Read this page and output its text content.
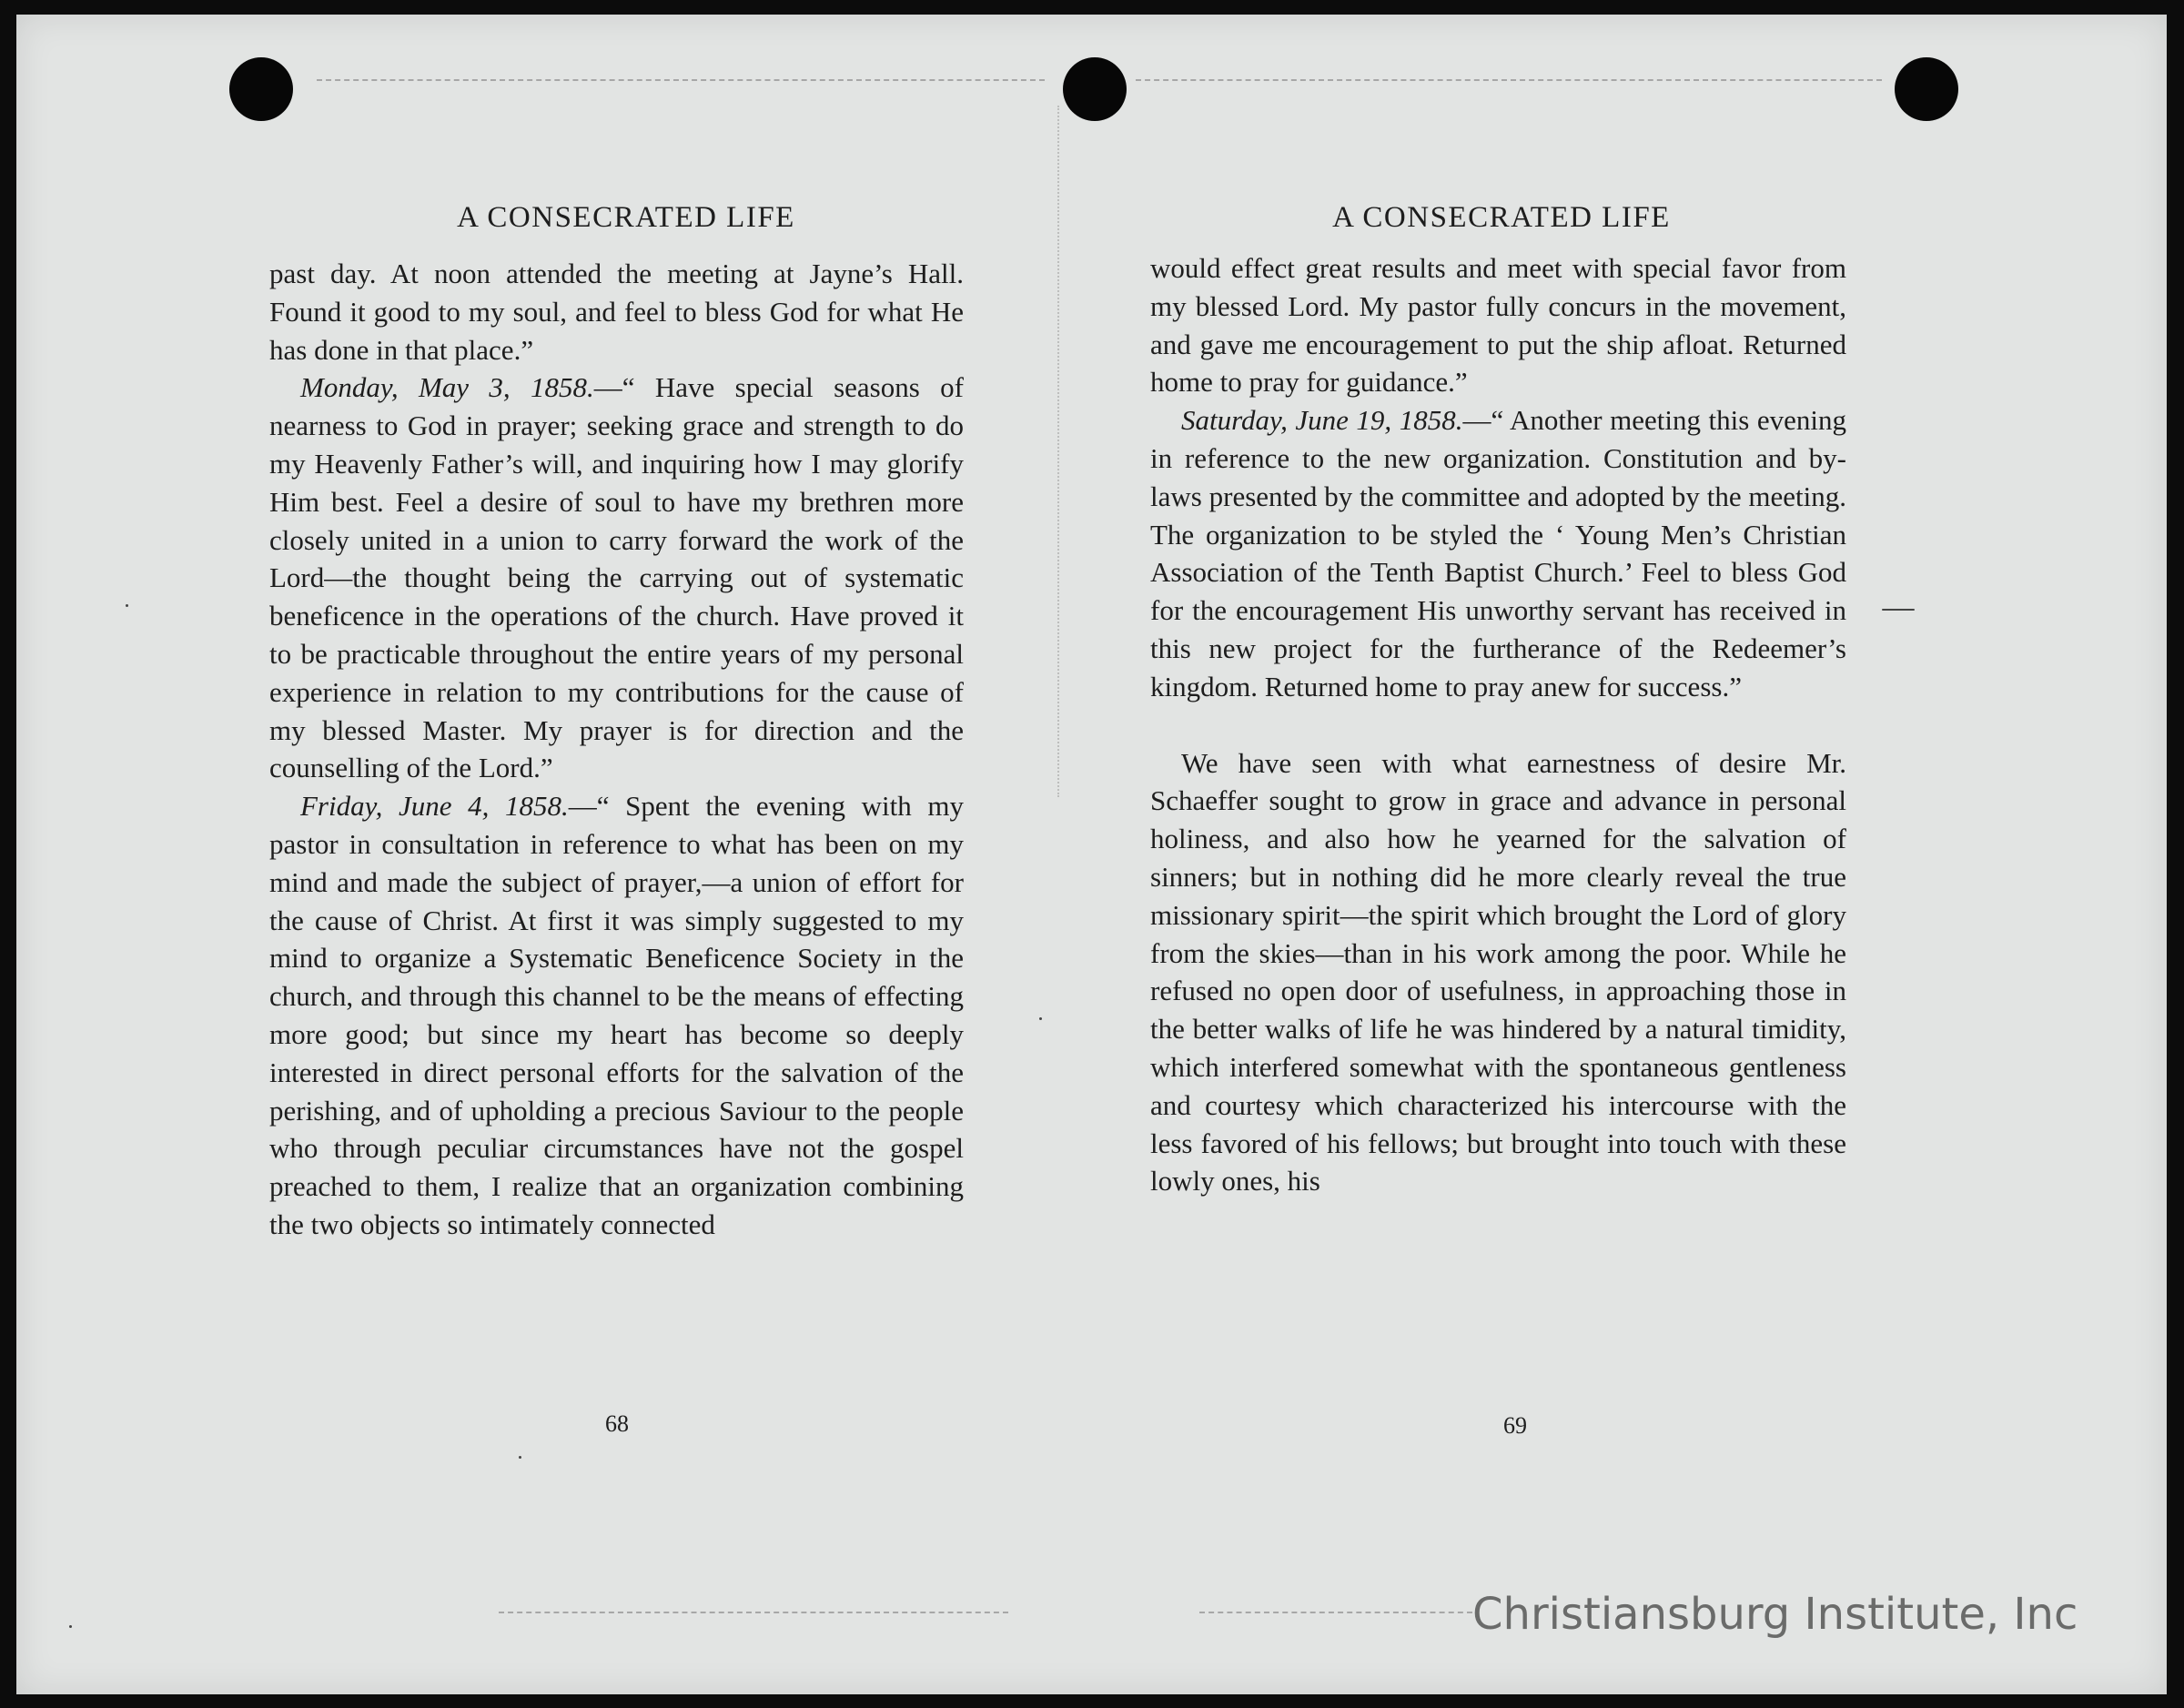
A CONSECRATED LIFE

past day. At noon attended the meeting at Jayne’s Hall. Found it good to my soul, and feel to bless God for what He has done in that place.”

Monday, May 3, 1858.—“ Have special seasons of nearness to God in prayer; seeking grace and strength to do my Heavenly Father’s will, and inquiring how I may glorify Him best. Feel a desire of soul to have my brethren more closely united in a union to carry forward the work of the Lord—the thought being the carrying out of systematic beneficence in the operations of the church. Have proved it to be practicable throughout the entire years of my personal experience in relation to my contributions for the cause of my blessed Master. My prayer is for direction and the counselling of the Lord.”

Friday, June 4, 1858.—“ Spent the evening with my pastor in consultation in reference to what has been on my mind and made the subject of prayer,—a union of effort for the cause of Christ. At first it was simply suggested to my mind to organize a Systematic Beneficence Society in the church, and through this channel to be the means of effecting more good; but since my heart has become so deeply interested in direct personal efforts for the salvation of the perishing, and of upholding a precious Saviour to the people who through peculiar circumstances have not the gospel preached to them, I realize that an organization combining the two objects so intimately connected

68
A CONSECRATED LIFE

would effect great results and meet with special favor from my blessed Lord. My pastor fully concurs in the movement, and gave me encouragement to put the ship afloat. Returned home to pray for guidance.”

Saturday, June 19, 1858.—“ Another meeting this evening in reference to the new organization. Constitution and by-laws presented by the committee and adopted by the meeting. The organization to be styled the ‘ Young Men’s Christian Association of the Tenth Baptist Church.’ Feel to bless God for the encouragement His unworthy servant has received in this new project for the furtherance of the Redeemer’s kingdom. Returned home to pray anew for success.”

We have seen with what earnestness of desire Mr. Schaeffer sought to grow in grace and advance in personal holiness, and also how he yearned for the salvation of sinners; but in nothing did he more clearly reveal the true missionary spirit—the spirit which brought the Lord of glory from the skies—than in his work among the poor. While he refused no open door of usefulness, in approaching those in the better walks of life he was hindered by a natural timidity, which interfered somewhat with the spontaneous gentleness and courtesy which characterized his intercourse with the less favored of his fellows; but brought into touch with these lowly ones, his

69
Christiansburg Institute, Inc
